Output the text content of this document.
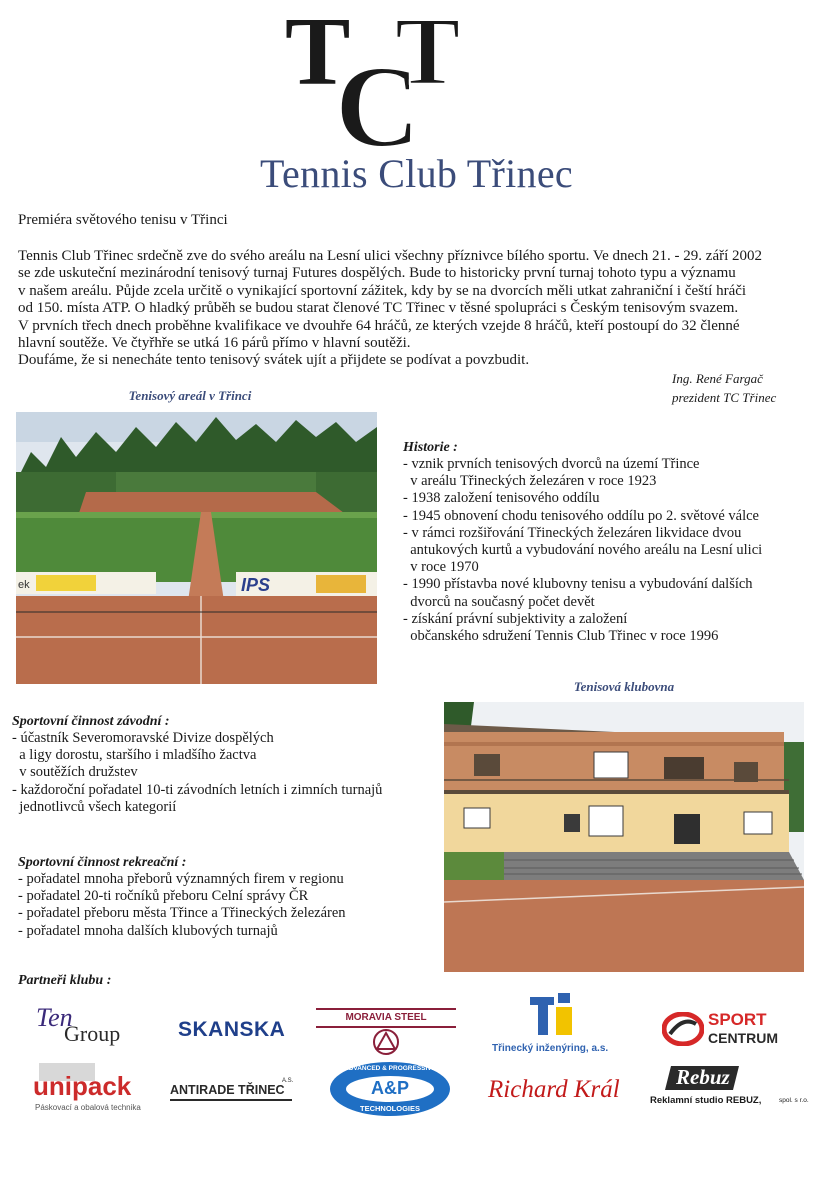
T
C
T
Tennis Club Třinec
Premiéra světového tenisu v Třinci

Tennis Club Třinec srdečně zve do svého areálu na Lesní ulici všechny příznivce bílého sportu. Ve dnech 21. - 29. září 2002

se zde uskuteční mezinárodní tenisový turnaj Futures dospělých. Bude to historicky první turnaj tohoto typu a významu

v našem areálu. Půjde zcela určitě o vynikající sportovní zážitek, kdy by se na dvorcích měli utkat zahraniční i čeští hráči

od 150. místa ATP. O hladký průběh se budou starat členové TC Třinec v těsné spolupráci s Českým tenisovým svazem.

V prvních třech dnech proběhne kvalifikace ve dvouhře 64 hráčů, ze kterých vzejde 8 hráčů, kteří postoupí do 32 členné

hlavní soutěže. Ve čtyřhře se utká 16 párů přímo v hlavní soutěži.

Doufáme, že si nenecháte tento tenisový svátek ujít a přijdete se podívat a povzbudit.

Ing. René Fargač
prezident TC Třinec
Tenisový areál v Třinci
ek	IPS
Historie :
- vznik prvních tenisových dvorců na území Třince
v areálu Třineckých železáren v roce 1923
- 1938 založení tenisového oddílu
- 1945 obnovení chodu tenisového oddílu po 2. světové válce
- v rámci rozšiřování Třineckých železáren likvidace dvou
antukových kurtů a vybudování nového areálu na Lesní ulici
v roce 1970
- 1990 přístavba nové klubovny tenisu a vybudování dalších
dvorců na současný počet devět
- získání právní subjektivity a založení
občanského sdružení Tennis Club Třinec v roce 1996
Tenisová klubovna
Sportovní činnost závodní :
- účastník Severomoravské Divize dospělých
a ligy dorostu, staršího i mladšího žactva
v soutěžích družstev
- každoroční pořadatel 10-ti závodních letních i zimních turnajů
jednotlivců všech kategorií
Sportovní činnost rekreační :
- pořadatel mnoha přeborů významných firem v regionu
- pořadatel 20-ti ročníků přeboru Celní správy ČR
- pořadatel přeboru města Třince a Třineckých železáren
- pořadatel mnoha dalších klubových turnajů
Partneři klubu :
Ten
Group	SKANSKA
MORAVIA STEEL
Třinecký inženýring, a.s.
SPORT
CENTRUM
unipack
Páskovací a obalová technika
ANTIRADE TŘINEC
A.S.
ADVANCED & PROGRESSIVE
A&P
TECHNOLOGIES
Richard Král	Rebuz
Reklamní studio REBUZ,	spol. s r.o.
